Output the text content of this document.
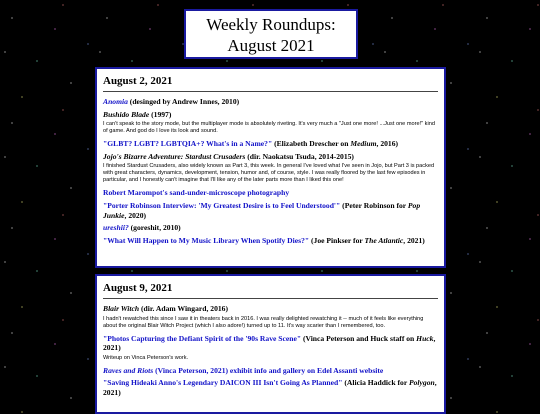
Weekly Roundups:
August 2021
August 2, 2021
Anomia (desinged by Andrew Innes, 2010)
Bushido Blade (1997)
I can't speak to the story mode, but the multiplayer mode is absolutely riveting. It's very much a "Just one more! ...Just one more!" kind of game. And god do I love its look and sound.
"GLBT? LGBT? LGBTQIA+? What's in a Name?" (Elizabeth Drescher on Medium, 2016)
Jojo's Bizarre Adventure: Stardust Crusaders (dir. Naokatsu Tsuda, 2014-2015)
I finished Stardust Crusaders, also widely known as Part 3, this week. In general I've loved what I've seen in Jojo, but Part 3 is packed with great characters, dynamics, development, tension, humor and, of course, style. I was really floored by the last few episodes in particular, and I honestly can't imagine that I'll like any of the later parts more than I liked this one!
Robert Marompot's sand-under-microscope photography
"Porter Robinson Interview: 'My Greatest Desire is to Feel Understood'" (Peter Robinson for Pop Junkie, 2020)
ureshii? (goreshit, 2010)
"What Will Happen to My Music Library When Spotify Dies?" (Joe Pinkser for The Atlantic, 2021)
August 9, 2021
Blair Witch (dir. Adam Wingard, 2016)
I hadn't rewatched this since I saw it in theaters back in 2016. I was really delighted rewatching it -- much of it feels like everything about the original Blair Witch Project (which I also adore!) turned up to 11. It's way scarier than I remembered, too.
"Photos Capturing the Defiant Spirit of the '90s Rave Scene" (Vinca Peterson and Huck staff on Huck, 2021)
Writeup on Vinca Peterson's work.
Raves and Riots (Vinca Peterson, 2021) exhibit info and gallery on Edel Assanti website
"Saving Hideaki Anno's Legendary DAICON III Isn't Going As Planned" (Alicia Haddick for Polygon, 2021)
